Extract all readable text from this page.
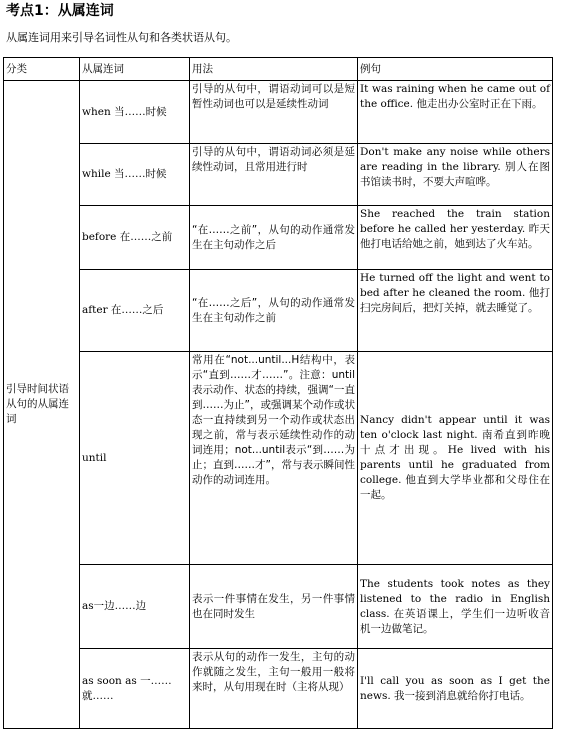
考点1：从属连词
从属连词用来引导名词性从句和各类状语从句。
分类	从属连词	用法	例句
引导时间状语从句的从属连词	when 当……时候	引导的从句中，谓语动词可以是短暂性动词也可以是延续性动词	It was raining when he came out of the office. 他走出办公室时正在下雨。
	while 当……时候	引导的从句中，谓语动词必须是延续性动词，且常用进行时	Don't make any noise while others are reading in the library. 别人在图书馆读书时，不要大声喧哗。
	before 在……之前	“在……之前”，从句的动作通常发生在主句动作之后	She reached the train station before he called her yesterday. 昨天他打电话给她之前，她到达了火车站。
	after 在……之后	“在……之后”，从句的动作通常发生在主句动作之前	He turned off the light and went to bed after he cleaned the room. 他打扫完房间后，把灯关掉，就去睡觉了。
	until	常用在“not...until...H结构中，表示“直到……才……”。注意：until表示动作、状态的持续，强调“一直到……为止”，或强调某个动作或状态一直持续到另一个动作或状态出现之前，常与表示延续性动作的动词连用；not...until表示“到……为止；直到……才”，常与表示瞬间性动作的动词连用。	Nancy didn't appear until it was ten o'clock last night. 南希直到昨晚十点才出现。He lived with his parents until he graduated from college. 他直到大学毕业都和父母住在一起。
	as一边……边	表示一件事情在发生，另一件事情也在同时发生	The students took notes as they listened to the radio in English class. 在英语课上，学生们一边听收音机一边做笔记。
	as soon as 一……就……	表示从句的动作一发生，主句的动作就随之发生，主句一般用一般将来时，从句用现在时（主将从现）	I'll call you as soon as I get the news. 我一接到消息就给你打电话。
